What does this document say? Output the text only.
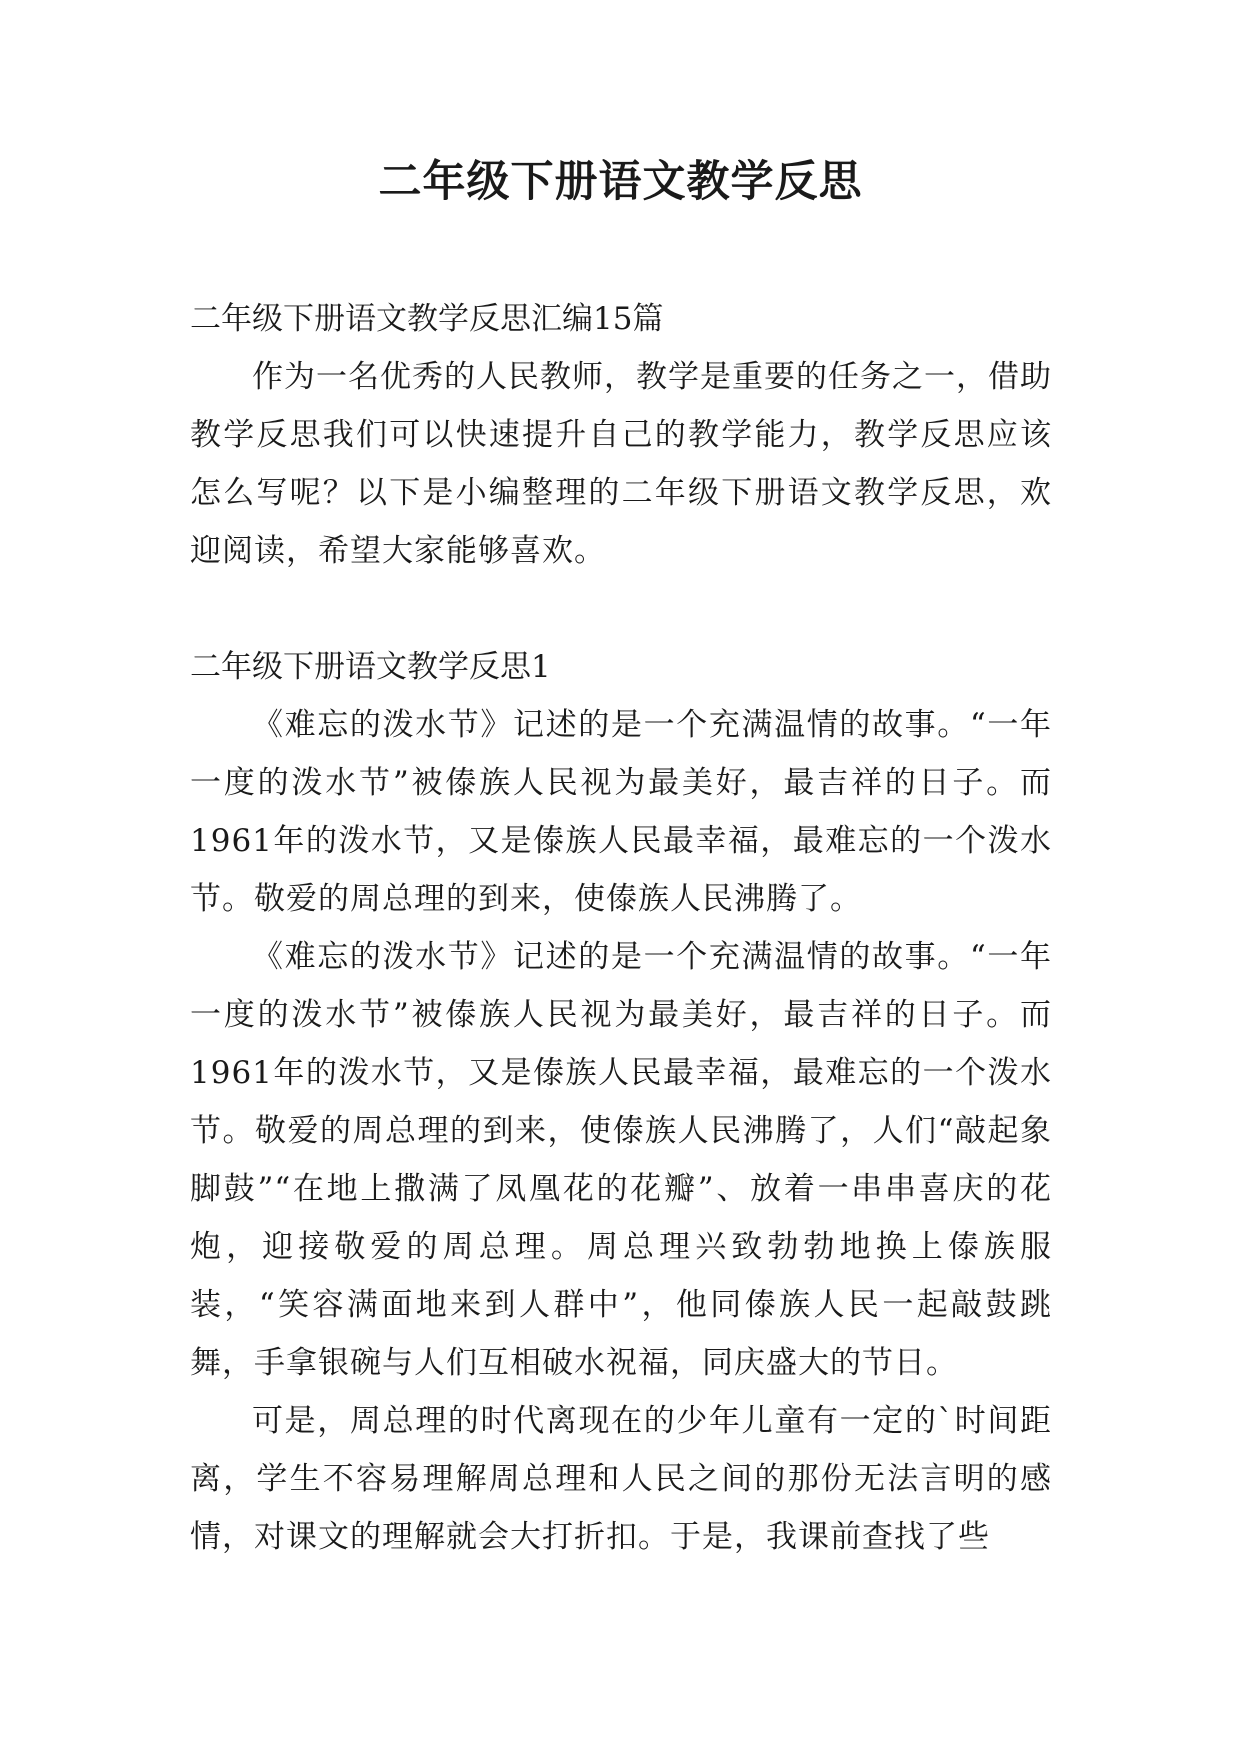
二年级下册语文教学反思

二年级下册语文教学反思汇编15篇

作为一名优秀的人民教师，教学是重要的任务之一，借助教学反思我们可以快速提升自己的教学能力，教学反思应该怎么写呢？以下是小编整理的二年级下册语文教学反思，欢迎阅读，希望大家能够喜欢。

二年级下册语文教学反思1

《难忘的泼水节》记述的是一个充满温情的故事。“一年一度的泼水节”被傣族人民视为最美好，最吉祥的日子。而1961年的泼水节，又是傣族人民最幸福，最难忘的一个泼水节。敬爱的周总理的到来，使傣族人民沸腾了。

《难忘的泼水节》记述的是一个充满温情的故事。“一年一度的泼水节”被傣族人民视为最美好，最吉祥的日子。而1961年的泼水节，又是傣族人民最幸福，最难忘的一个泼水节。敬爱的周总理的到来，使傣族人民沸腾了，人们“敲起象脚鼓”“在地上撒满了凤凰花的花瓣”、放着一串串喜庆的花炮，迎接敬爱的周总理。周总理兴致勃勃地换上傣族服装，“笑容满面地来到人群中”，他同傣族人民一起敲鼓跳舞，手拿银碗与人们互相破水祝福，同庆盛大的节日。

可是，周总理的时代离现在的少年儿童有一定的`时间距离，学生不容易理解周总理和人民之间的那份无法言明的感情，对课文的理解就会大打折扣。于是，我课前查找了些
